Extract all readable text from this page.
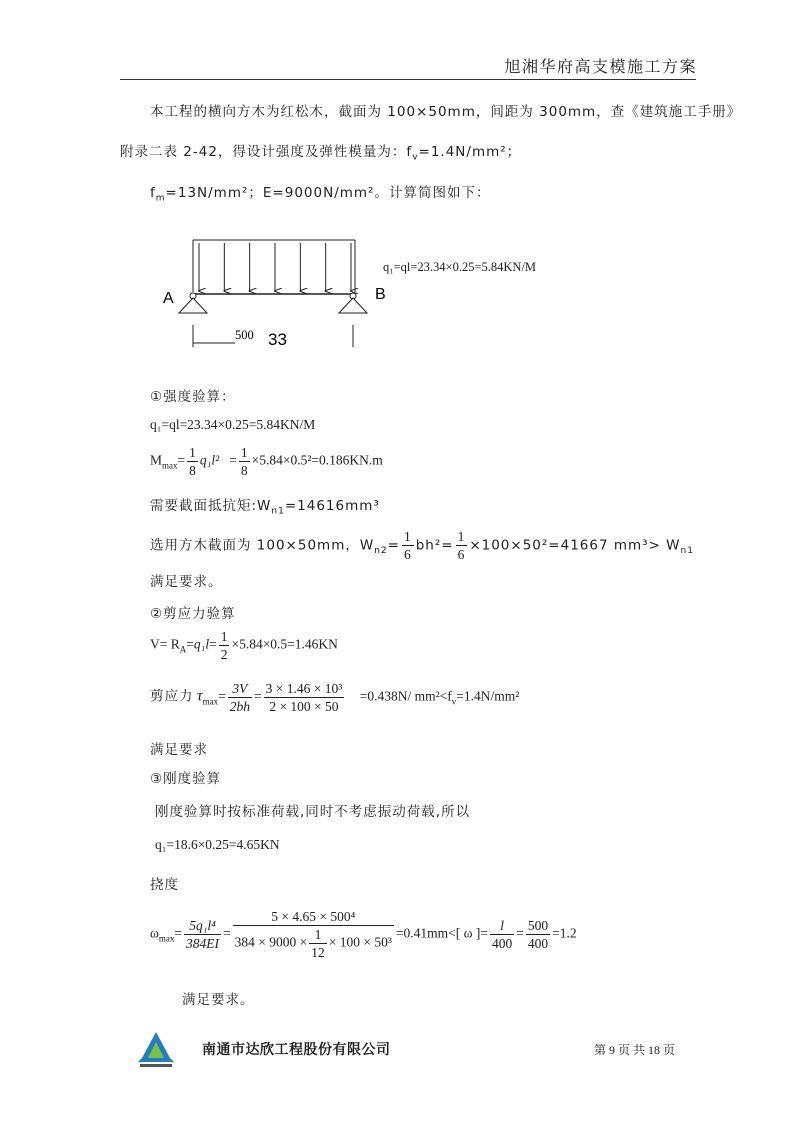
旭湘华府高支模施工方案
本工程的横向方木为红松木，截面为 100×50mm，间距为 300mm，查《建筑施工手册》
附录二表 2-42，得设计强度及弹性模量为：$f_v=1.4N$/mm²；
$f_m=13N$/mm²；E=9000N/mm²。计算简图如下：
A	B
500 33
q₁=ql=23.34×0.25=5.84KN/M
①强度验算：
q₁=ql=23.34×0.25=5.84KN/M
$M_{max}= \frac{1}{8} q_1l^2 = \frac{1}{8} \times 5.84\times 0.5^2=0.186KN.m$
需要截面抵抗矩$:W_{n1}=14616mm^3$
选用方木截面为 100×50mm，$W_{n2}= \frac{1}{6} bh^2= \frac{1}{6} \times 100\times 50^2=41667$ $mm^3> W_{n1}$
满足要求。
②剪应力验算
$V= R_A=q_1l= \frac{1}{2} \times 5.84\times 0.5=1.46KN$
剪应力 $\tau_{max}= \frac{3V}{2bh} = \frac{\text{3 × 1.46 × 10³}}{2 \times 100 \times 50} =0.438N/$ $mm^2<f_v=1.4N$/mm²
满足要求
③刚度验算
刚度验算时按标准荷载,同时不考虑振动荷载,所以
q₁=18.6×0.25=4.65KN
挠度
$\omega_{max}= \frac{\text{5q₁l⁴}}{384EI} = \frac{\text{5 × 4.65 × 500⁴}}{384 \times 9000 \times \frac{1}{12} \times 100 \times 50^3} =0.41mm<$[ ω ]= $\frac{l}{400} = \frac{500}{400} =1.2$
满足要求。
南通市达欣工程股份有限公司	第 9 页 共 18 页
